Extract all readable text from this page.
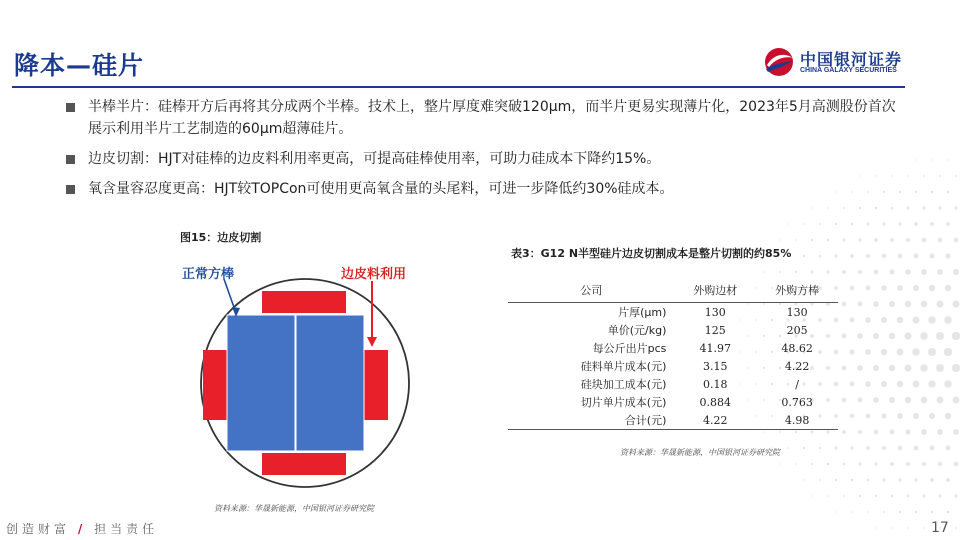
降本—硅片	中国银河证券
CHINA GALAXY SECURITIES
半棒半片：硅棒开方后再将其分成两个半棒。技术上，整片厚度难突破120μm，而半片更易实现薄片化，2023年5月高测股份首次展示利用半片工艺制造的60μm超薄硅片。
边皮切割：HJT对硅棒的边皮料利用率更高，可提高硅棒使用率，可助力硅成本下降约15%。
氧含量容忍度更高：HJT较TOPCon可使用更高氧含量的头尾料，可进一步降低约30%硅成本。
图15：边皮切割
正常方棒	边皮料利用
资料来源：华晟新能源，中国银河证券研究院
表3：G12 N半型硅片边皮切割成本是整片切割的约85%
公司	外购边材	外购方棒
片厚(μm)	130	130
单价(元/kg)	125	205
每公斤出片pcs	41.97	48.62
硅料单片成本(元)	3.15	4.22
硅块加工成本(元)	0.18	/
切片单片成本(元)	0.884	0.763
合计(元)	4.22	4.98
资料来源：华晟新能源，中国银河证券研究院
创造财富 / 担当责任	17
